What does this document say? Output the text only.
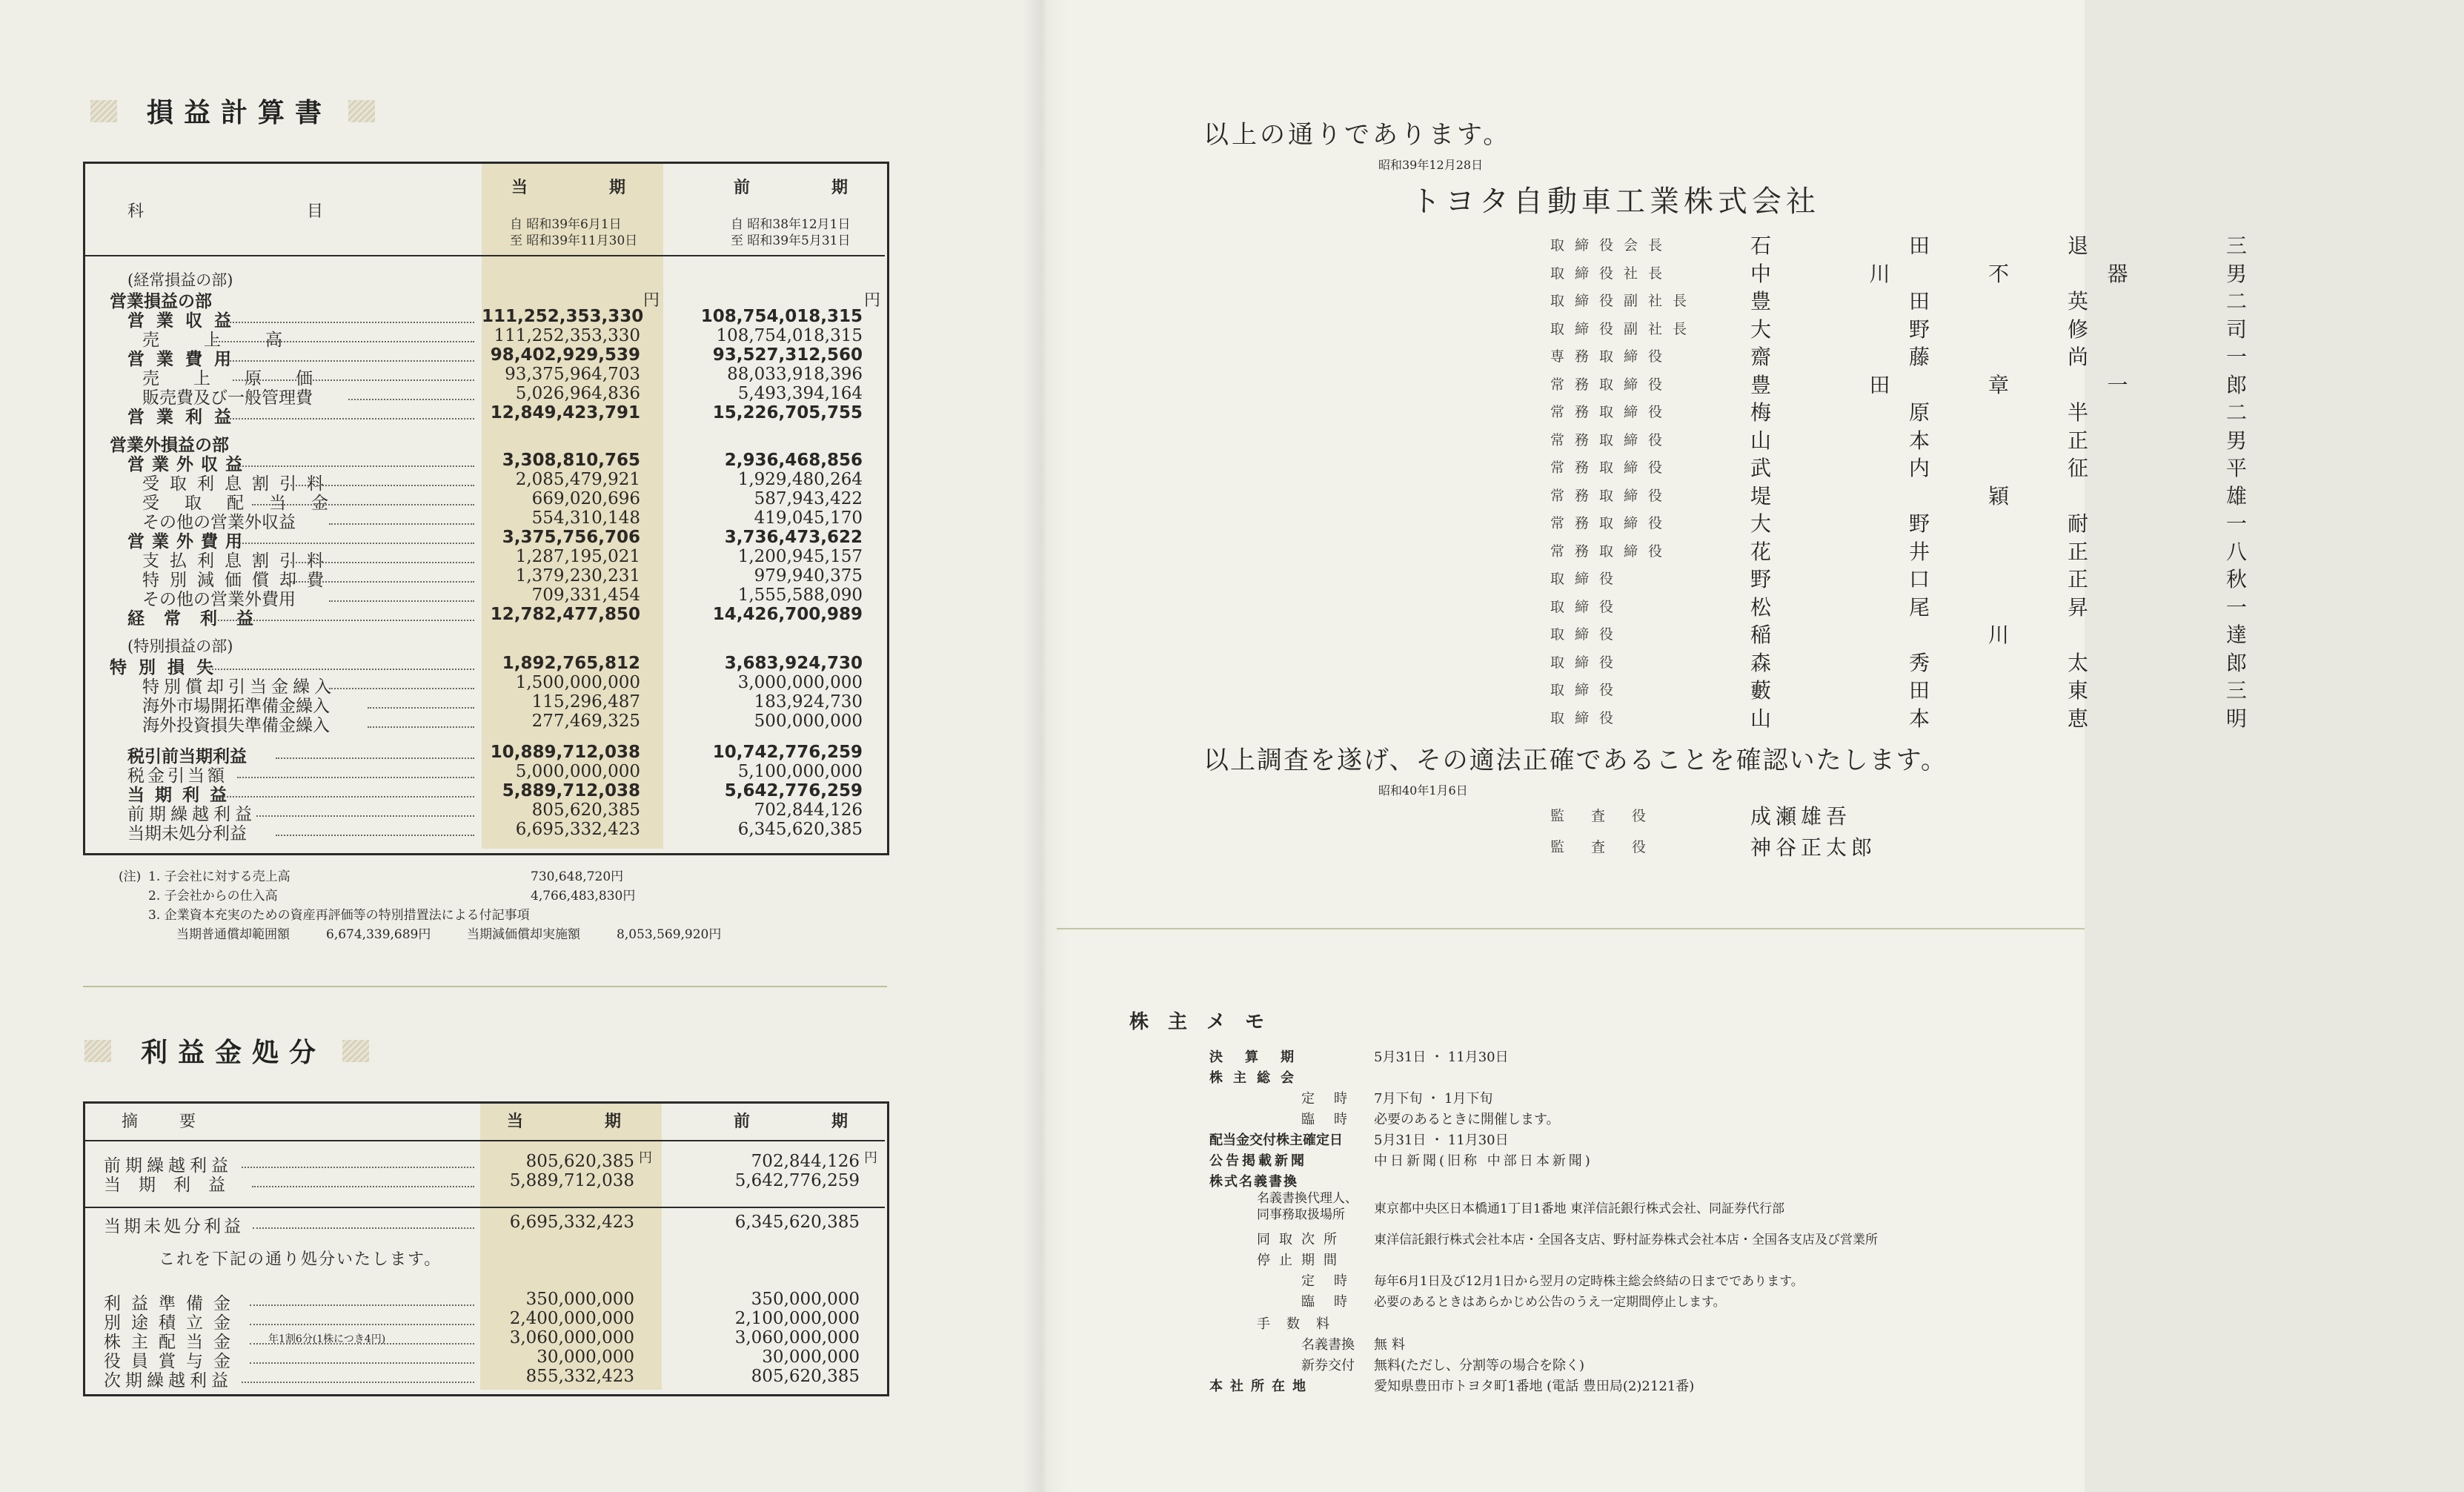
損益計算書
科目
当期 前期
自 昭和39年6月1日
至 昭和39年11月30日
自 昭和38年12月1日
至 昭和39年5月31日
円	円
(経常損益の部)
営業損益の部
営業収益	111,252,353,330	108,754,018,315
売上高	111,252,353,330	108,754,018,315
営業費用	98,402,929,539	93,527,312,560
売上原価	93,375,964,703	88,033,918,396
販売費及び一般管理費	5,026,964,836	5,493,394,164
営業利益	12,849,423,791	15,226,705,755
営業外損益の部
営業外収益	3,308,810,765	2,936,468,856
受取利息割引料	2,085,479,921	1,929,480,264
受取配当金	669,020,696	587,943,422
その他の営業外収益	554,310,148	419,045,170
営業外費用	3,375,756,706	3,736,473,622
支払利息割引料	1,287,195,021	1,200,945,157
特別減価償却費	1,379,230,231	979,940,375
その他の営業外費用	709,331,454	1,555,588,090
経常利益	12,782,477,850	14,426,700,989
(特別損益の部)
特別損失	1,892,765,812	3,683,924,730
特別償却引当金繰入	1,500,000,000	3,000,000,000
海外市場開拓準備金繰入	115,296,487	183,924,730
海外投資損失準備金繰入	277,469,325	500,000,000
税引前当期利益	10,889,712,038	10,742,776,259
税金引当額	5,000,000,000	5,100,000,000
当期利益	5,889,712,038	5,642,776,259
前期繰越利益	805,620,385	702,844,126
当期未処分利益	6,695,332,423	6,345,620,385
(注) 1. 子会社に対する売上高	730,648,720円
2. 子会社からの仕入高	4,766,483,830円
3. 企業資本充実のための資産再評価等の特別措置法による付記事項
当期普通償却範囲額	6,674,339,689円	当期減価償却実施額	8,053,569,920円
利益金処分
摘要	当期 前期
円	円
前期繰越利益	805,620,385	702,844,126
当期利益	5,889,712,038	5,642,776,259
当期未処分利益	6,695,332,423	6,345,620,385
利益準備金	350,000,000	350,000,000
別途積立金	2,400,000,000	2,100,000,000
株主配当金	3,060,000,000	3,060,000,000
役員賞与金	30,000,000	30,000,000
次期繰越利益	855,332,423	805,620,385
これを下記の通り処分いたします。
年1割6分(1株につき4円)
以上の通りであります。
昭和39年12月28日
トヨタ自動車工業株式会社
取締役会長	石田退三
取締役社長	中川不器男
取締役副社長	豊田英二
取締役副社長	大野修司
専務取締役	齋藤尚一
常務取締役	豊田章一郎
常務取締役	梅原半二
常務取締役	山本正男
常務取締役	武内征平
常務取締役	堤穎雄
常務取締役	大野耐一
常務取締役	花井正八
取締役	野口正秋
取締役	松尾昇一
取締役	稲川達
取締役	森秀太郎
取締役	藪田東三
取締役	山本恵明
以上調査を遂げ、その適法正確であることを確認いたします。
昭和40年1月6日
監査役	成瀬雄吾
監査役	神谷正太郎
株主メモ
決算期	5月31日 ・ 11月30日
株主総会
定時 7月下旬 ・ 1月下旬
臨時 必要のあるときに開催します。
配当金交付株主確定日 5月31日 ・ 11月30日
公告掲載新聞	中日新聞(旧称 中部日本新聞)
株式名義書換
名義書換代理人、同事務取扱場所	東京都中央区日本橋通1丁目1番地 東洋信託銀行株式会社、同証券代行部
同取次所 東洋信託銀行株式会社本店・全国各支店、野村証券株式会社本店・全国各支店及び営業所
停止期間
定時 毎年6月1日及び12月1日から翌月の定時株主総会終結の日までであります。
臨時 必要のあるときはあらかじめ公告のうえ一定期間停止します。
手数料
名義書換 無料
新券交付 無料(ただし、分割等の場合を除く)
本社所在地	愛知県豊田市トヨタ町1番地 (電話 豊田局(2)2121番)
